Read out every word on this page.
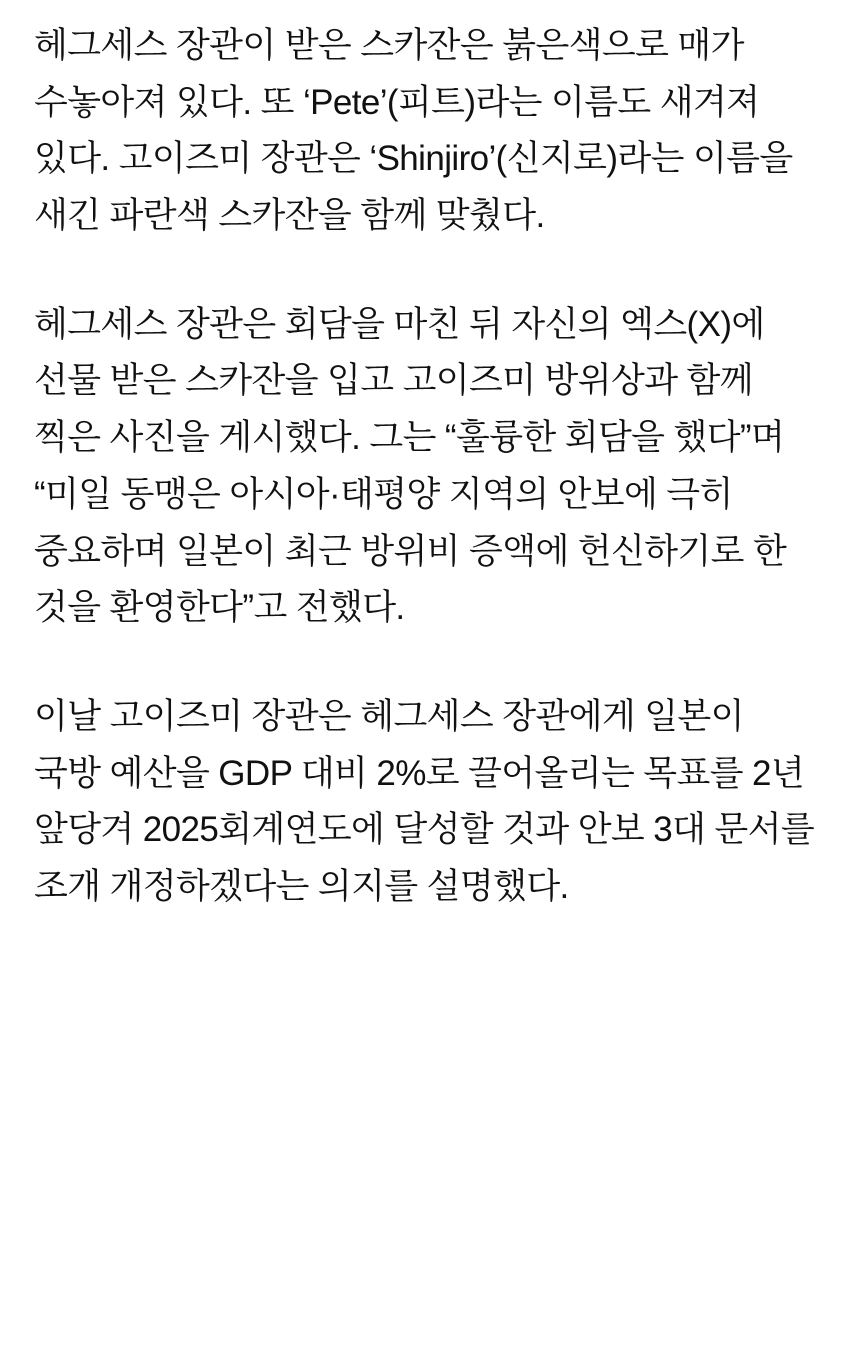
헤그세스 장관이 받은 스카잔은 붉은색으로 매가 수놓아져 있다. 또 ‘Pete’(피트)라는 이름도 새겨져 있다. 고이즈미 장관은 ‘Shinjiro’(신지로)라는 이름을 새긴 파란색 스카잔을 함께 맞췄다.

헤그세스 장관은 회담을 마친 뒤 자신의 엑스(X)에 선물 받은 스카잔을 입고 고이즈미 방위상과 함께 찍은 사진을 게시했다. 그는 “훌륭한 회담을 했다”며 “미일 동맹은 아시아·태평양 지역의 안보에 극히 중요하며 일본이 최근 방위비 증액에 헌신하기로 한 것을 환영한다”고 전했다.

이날 고이즈미 장관은 헤그세스 장관에게 일본이 국방 예산을 GDP 대비 2%로 끌어올리는 목표를 2년 앞당겨 2025회계연도에 달성할 것과 안보 3대 문서를 조개 개정하겠다는 의지를 설명했다.
